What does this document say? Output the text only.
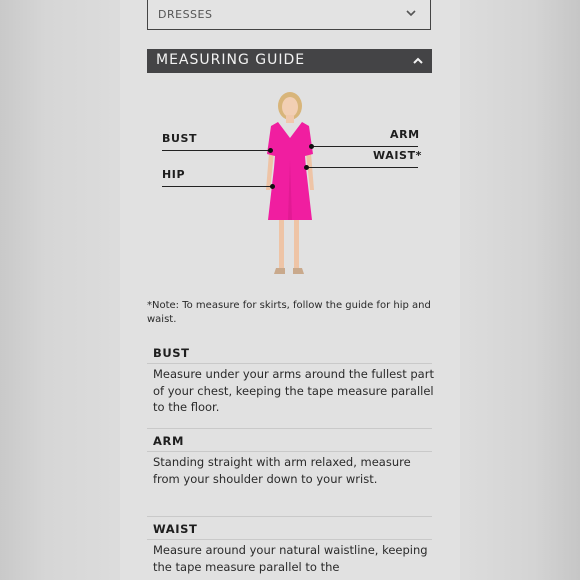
DRESSES
MEASURING GUIDE
BUST
HIP
ARM
WAIST*
*Note: To measure for skirts, follow the guide for hip and waist.
BUST
Measure under your arms around the fullest part of your chest, keeping the tape measure parallel to the floor.
ARM
Standing straight with arm relaxed, measure from your shoulder down to your wrist.
WAIST
Measure around your natural waistline, keeping the tape measure parallel to the
